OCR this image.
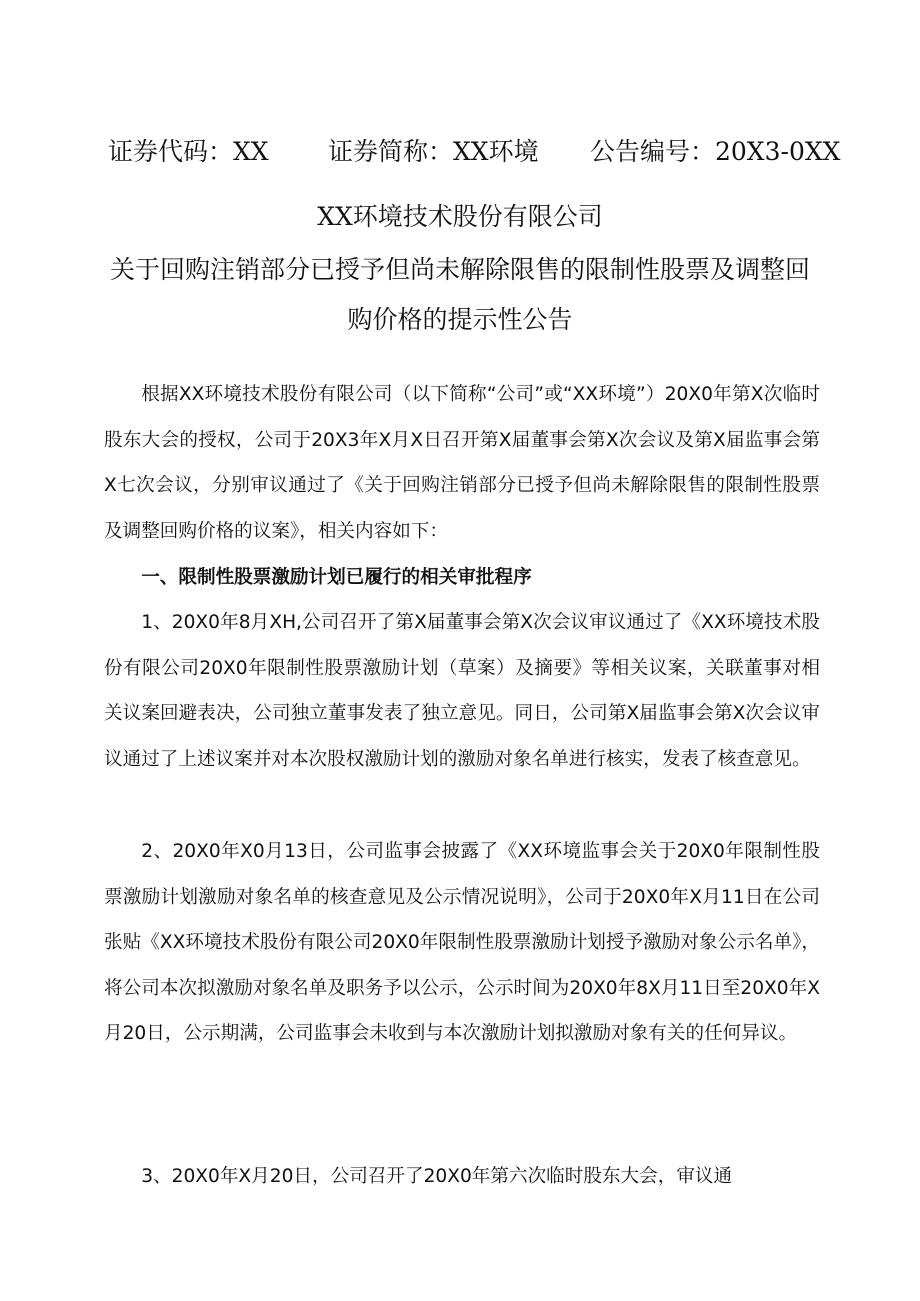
证券代码：XX 证券简称：XX环境 公告编号：20X3-0XX
XX环境技术股份有限公司
关于回购注销部分已授予但尚未解除限售的限制性股票及调整回
购价格的提示性公告

根据XX环境技术股份有限公司（以下简称“公司”或“XX环境”）20X0年第X次临时股东大会的授权，公司于20X3年X月X日召开第X届董事会第X次会议及第X届监事会第X七次会议，分别审议通过了《关于回购注销部分已授予但尚未解除限售的限制性股票及调整回购价格的议案》，相关内容如下：

一、限制性股票激励计划已履行的相关审批程序

1、20X0年8月XH,公司召开了第X届董事会第X次会议审议通过了《XX环境技术股份有限公司20X0年限制性股票激励计划（草案）及摘要》等相关议案，关联董事对相关议案回避表决，公司独立董事发表了独立意见。同日，公司第X届监事会第X次会议审议通过了上述议案并对本次股权激励计划的激励对象名单进行核实，发表了核查意见。

2、20X0年X0月13日，公司监事会披露了《XX环境监事会关于20X0年限制性股票激励计划激励对象名单的核查意见及公示情况说明》，公司于20X0年X月11日在公司张贴《XX环境技术股份有限公司20X0年限制性股票激励计划授予激励对象公示名单》，将公司本次拟激励对象名单及职务予以公示，公示时间为20X0年8X月11日至20X0年X月20日，公示期满，公司监事会未收到与本次激励计划拟激励对象有关的任何异议。

3、20X0年X月20日，公司召开了20X0年第六次临时股东大会，审议通
